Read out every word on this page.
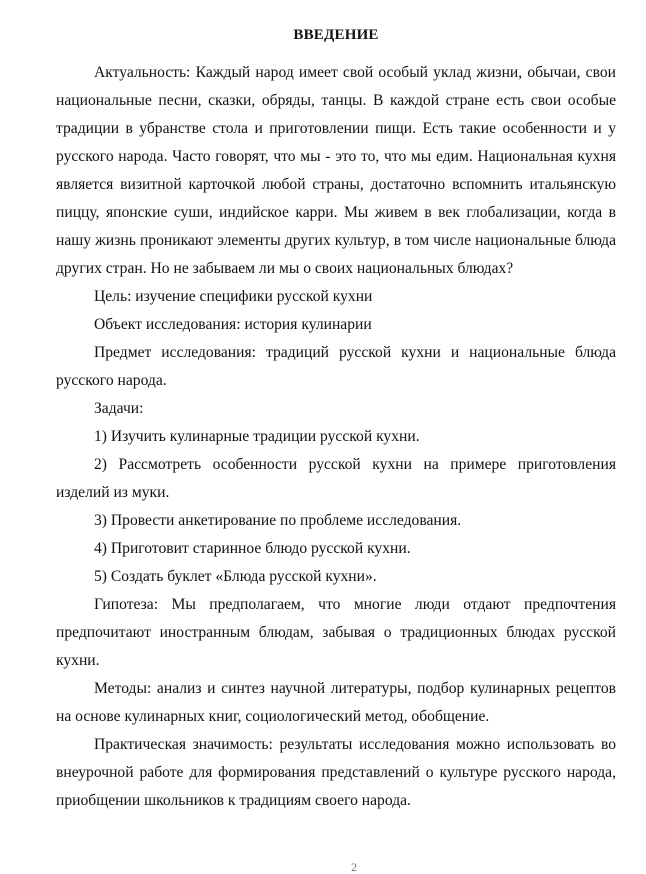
ВВЕДЕНИЕ

Актуальность: Каждый народ имеет свой особый уклад жизни, обычаи, свои национальные песни, сказки, обряды, танцы. В каждой стране есть свои особые традиции в убранстве стола и приготовлении пищи. Есть такие особенности и у русского народа. Часто говорят, что мы - это то, что мы едим. Национальная кухня является визитной карточкой любой страны, достаточно вспомнить итальянскую пиццу, японские суши, индийское карри. Мы живем в век глобализации, когда в нашу жизнь проникают элементы других культур, в том числе национальные блюда других стран. Но не забываем ли мы о своих национальных блюдах?

Цель: изучение специфики русской кухни

Объект исследования: история кулинарии

Предмет исследования: традиций русской кухни и национальные блюда русского народа.

Задачи:

1) Изучить кулинарные традиции русской кухни.

2) Рассмотреть особенности русской кухни на примере приготовления изделий из муки.

3) Провести анкетирование по проблеме исследования.

4) Приготовит старинное блюдо русской кухни.

5) Создать буклет «Блюда русской кухни».

Гипотеза: Мы предполагаем, что многие люди отдают предпочтения предпочитают иностранным блюдам, забывая о традиционных блюдах русской кухни.

Методы: анализ и синтез научной литературы, подбор кулинарных рецептов на основе кулинарных книг, социологический метод, обобщение.

Практическая значимость: результаты исследования можно использовать во внеурочной работе для формирования представлений о культуре русского народа, приобщении школьников к традициям своего народа.

2
